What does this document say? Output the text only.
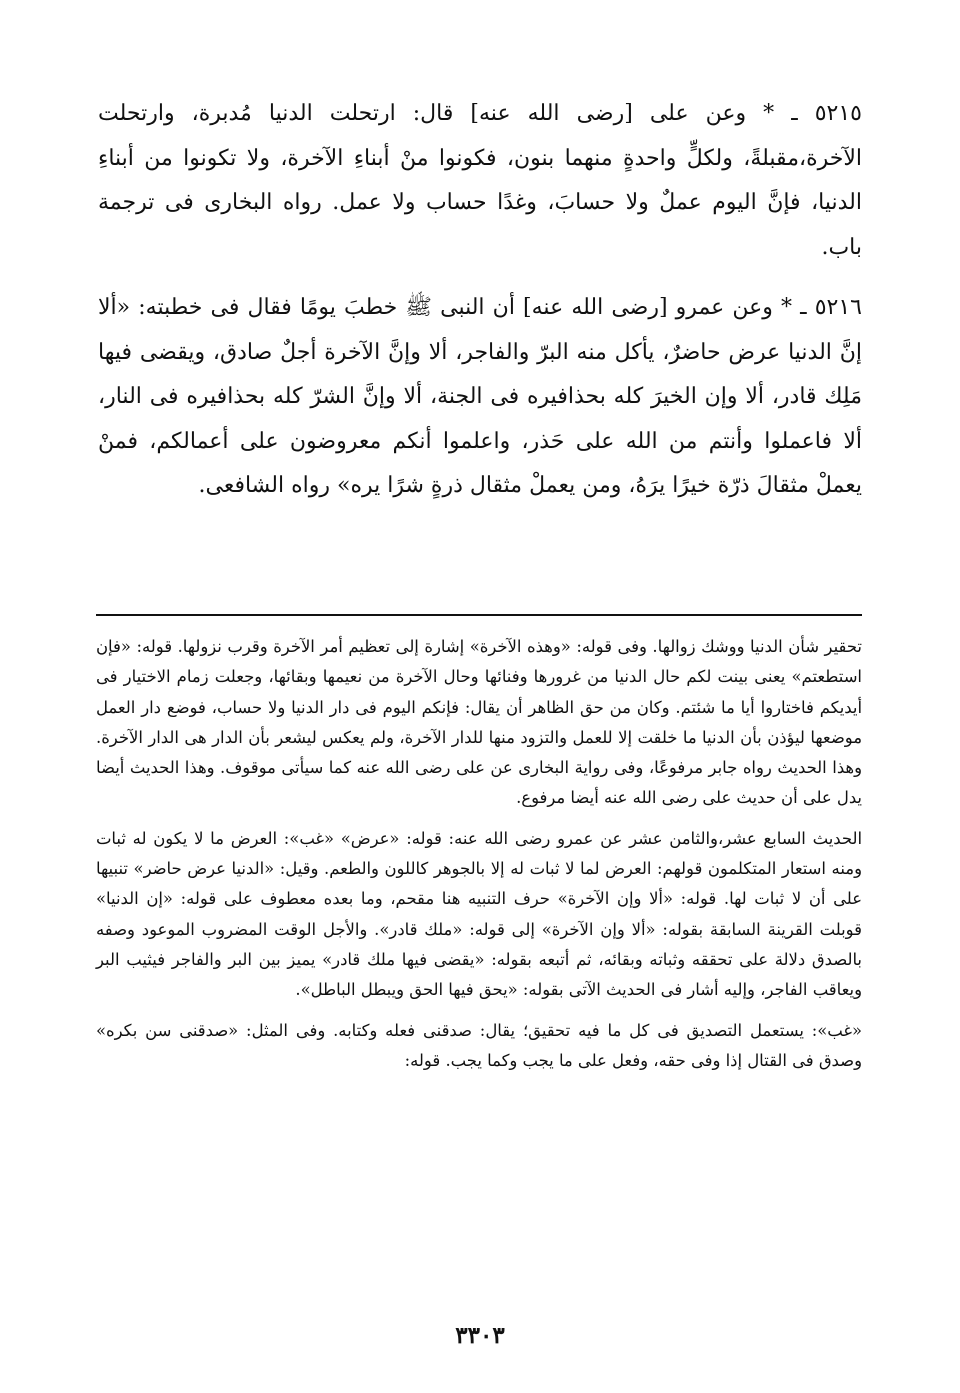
٥٢١٥ ـ * وعن على [رضى الله عنه] قال: ارتحلت الدنيا مُدبرة، وارتحلت الآخرة،مقبلةً، ولكلٍّ واحدةٍ منهما بنون، فكونوا منْ أبناءِ الآخرة، ولا تكونوا من أبناءِ الدنيا، فإنَّ اليوم عملٌ ولا حسابَ، وغدًا حساب ولا عمل. رواه البخارى فى ترجمة باب.

٥٢١٦ ـ * وعن عمرو [رضى الله عنه] أن النبى ﷺ خطبَ يومًا فقال فى خطبته: «ألا إنَّ الدنيا عرض حاضرٌ، يأكل منه البرّ والفاجر، ألا وإنَّ الآخرة أجلٌ صادق، ويقضى فيها مَلِك قادر، ألا وإن الخيرَ كله بحذافيره فى الجنة، ألا وإنَّ الشرّ كله بحذافيره فى النار، ألا فاعملوا وأنتم من الله على حَذر، واعلموا أنكم معروضون على أعمالكم، فمنْ يعملْ مثقالَ ذرّة خيرًا يرَهُ، ومن يعملْ مثقال ذرةٍ شرًا يره» رواه الشافعى.

تحقير شأن الدنيا ووشك زوالها. وفى قوله: «وهذه الآخرة» إشارة إلى تعظيم أمر الآخرة وقرب نزولها. قوله: «فإن استطعتم» يعنى بينت لكم حال الدنيا من غرورها وفنائها وحال الآخرة من نعيمها وبقائها، وجعلت زمام الاختيار فى أيديكم فاختاروا أيا ما شئتم. وكان من حق الظاهر أن يقال: فإنكم اليوم فى دار الدنيا ولا حساب، فوضع دار العمل موضعها ليؤذن بأن الدنيا ما خلقت إلا للعمل والتزود منها للدار الآخرة، ولم يعكس ليشعر بأن الدار هى الدار الآخرة. وهذا الحديث رواه جابر مرفوعًا، وفى رواية البخارى عن على رضى الله عنه كما سيأتى موقوف. وهذا الحديث أيضا يدل على أن حديث على رضى الله عنه أيضا مرفوع.

الحديث السابع عشر،والثامن عشر عن عمرو رضى الله عنه: قوله: «عرض» «غب»: العرض ما لا يكون له ثبات ومنه استعار المتكلمون قولهم: العرض لما لا ثبات له إلا بالجوهر كاللون والطعم. وقيل: «الدنيا عرض حاضر» تنبيها على أن لا ثبات لها. قوله: «ألا وإن الآخرة» حرف التنبيه هنا مقحم، وما بعده معطوف على قوله: «إن الدنيا» قوبلت القرينة السابقة بقوله: «ألا وإن الآخرة» إلى قوله: «ملك قادر». والأجل الوقت المضروب الموعود وصفه بالصدق دلالة على تحققه وثباته وبقائه، ثم أتبعه بقوله: «يقضى فيها ملك قادر» يميز بين البر والفاجر فيثيب البر ويعاقب الفاجر، وإليه أشار فى الحديث الآتى بقوله: «يحق فيها الحق ويبطل الباطل».

«غب»: يستعمل التصديق فى كل ما فيه تحقيق؛ يقال: صدقنى فعله وكتابه. وفى المثل: «صدقنى سن بكره» وصدق فى القتال إذا وفى حقه، وفعل على ما يجب وكما يجب. قوله:

٣٣٠٣
